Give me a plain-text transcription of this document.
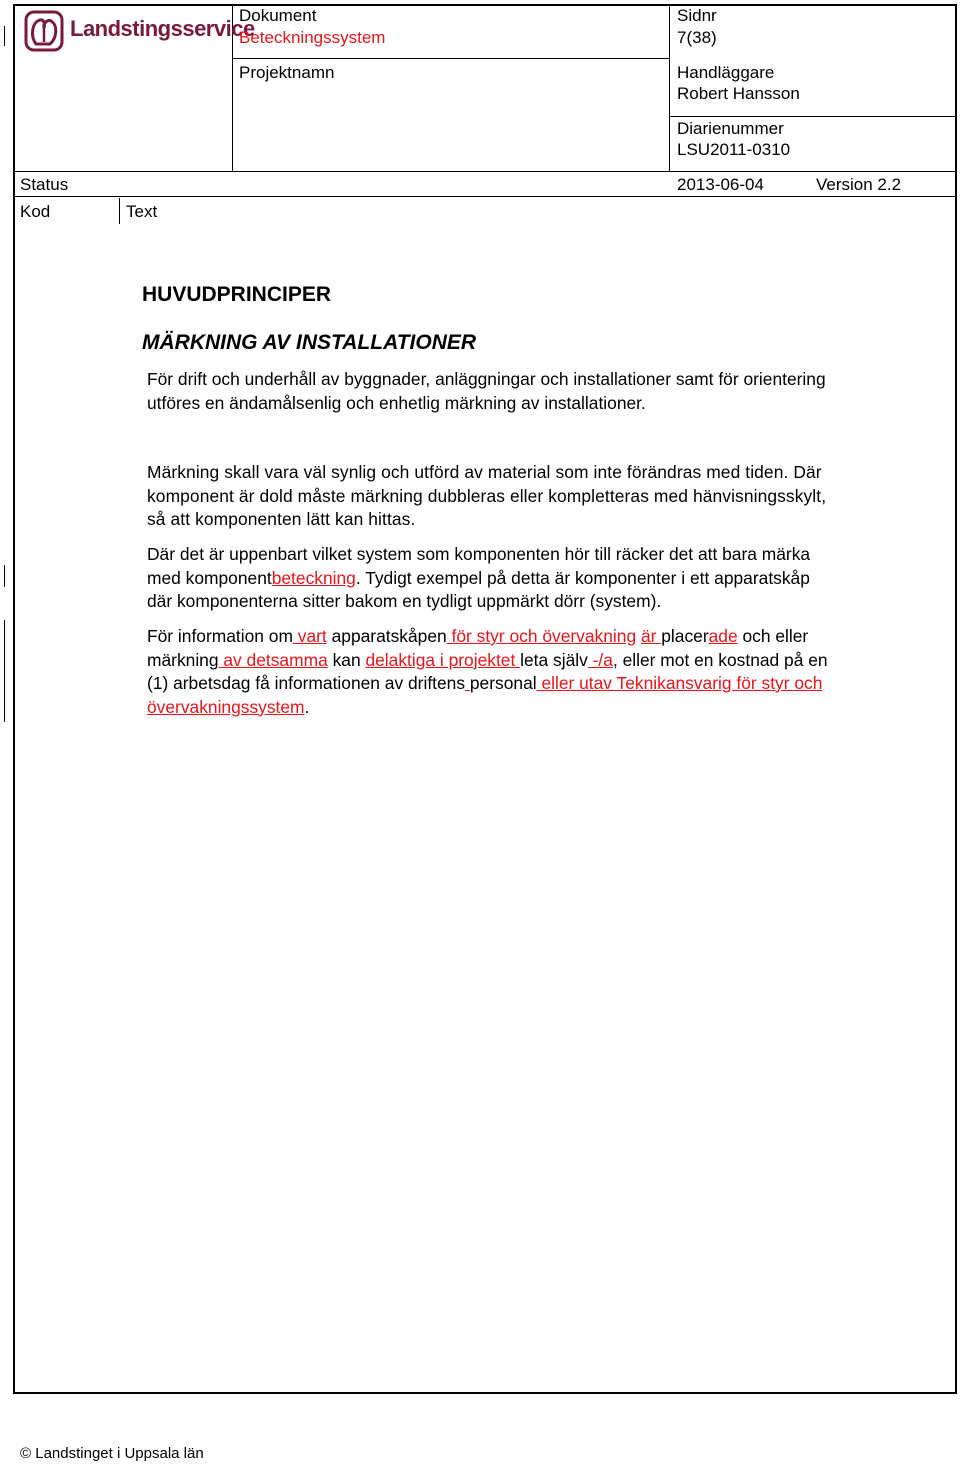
Landstingsservice
Dokument
Beteckningssystem
Sidnr
7(38)
Projektnamn	Handläggare
Robert Hansson
Diarienummer
LSU2011-0310
Status	2013-06-04	Version 2.2
Kod	Text
HUVUDPRINCIPER
MÄRKNING AV INSTALLATIONER
För drift och underhåll av byggnader, anläggningar och installationer samt för orientering
utföres en ändamålsenlig och enhetlig märkning av installationer.
Märkning skall vara väl synlig och utförd av material som inte förändras med tiden. Där
komponent är dold måste märkning dubbleras eller kompletteras med hänvisningsskylt,
så att komponenten lätt kan hittas.
Där det är uppenbart vilket system som komponenten hör till räcker det att bara märka
med komponentbeteckning. Tydigt exempel på detta är komponenter i ett apparatskåp
där komponenterna sitter bakom en tydligt uppmärkt dörr (system).
För information om vart apparatskåpen för styr och övervakning är placerade och eller
märkning av detsamma kan delaktiga i projektet leta själv -/a, eller mot en kostnad på en
(1) arbetsdag få informationen av driftens personal eller utav Teknikansvarig för styr och
övervakningssystem.
© Landstinget i Uppsala län
